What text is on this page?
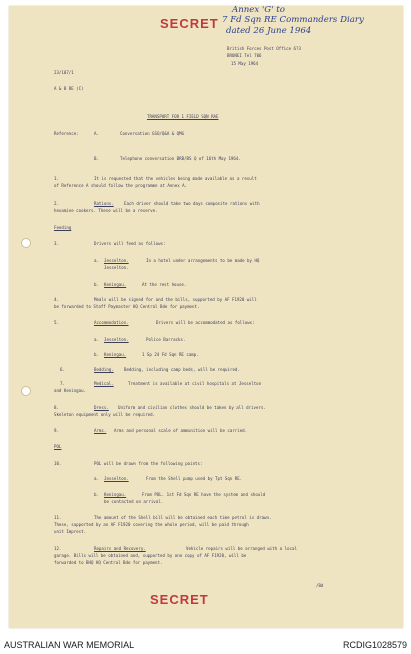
SECRET
SECRET
Annex 'G' to
7 Fd Sqn RE Commanders Diary
dated 26 June 1964
British Forces Post Office 6?3
BRUNEI Tel 706
15 May 1964
23/107/1
A & B RE (C)
TRANSPORT FOR 1 FIELD SQN RAE
Reference:	A.	Conversation GSO/Q&A & QMG
B.	Telephone conversation BRB/BS Q of 16th May 1964.
1.	It is requested that the vehicles being made available as a result
of Reference A should follow the programme at Annex A.
2.	Rations.	Each driver should take two days composite rations with
hexamine cookers. These will be a reserve.
Feeding
3.	Drivers will feed as follows:
a. Jesselton.	In a hotel under arrangements to be made by HQ
Jesselton.
b. Keningau.	At the rest house.
4.	Meals will be signed for and the bills, supported by AF F1920 will
be forwarded to Staff Paymaster HQ Central Bde for payment.
5.	Accommodation.	Drivers will be accommodated as follows:
a. Jesselton.	Police Barracks.
b. Keningau.	1 Sp 24 Fd Sqn RE camp.
6.	Bedding.	Bedding, including camp beds, will be required.
7.	Medical.	Treatment is available at civil hospitals at Jesselton
and Keningau.
8.	Dress. Uniform and civilian clothes should be taken by all drivers.
Skeleton equipment only will be required.
9.	Arms. Arms and personal scale of ammunition will be carried.
POL
10.	POL will be drawn from the following points:
a. Jesselton.	From the Shell pump used by Tpt Sqn RE.
b. Keningau.	From POL. 1st Fd Sqn RE have the system and should
be contacted on arrival.
11.	The amount of the Shell bill will be obtained each time petrol is drawn.
These, supported by an AF F1920 covering the whole period, will be paid through
unit Imprest.
12.	Repairs and Recovery.	Vehicle repairs will be arranged with a local
garage. Bills will be obtained and, supported by one copy of AF F1920, will be
forwarded to BHQ HQ Central Bde for payment.
/Bd
AUSTRALIAN WAR MEMORIAL	RCDIG1028579
